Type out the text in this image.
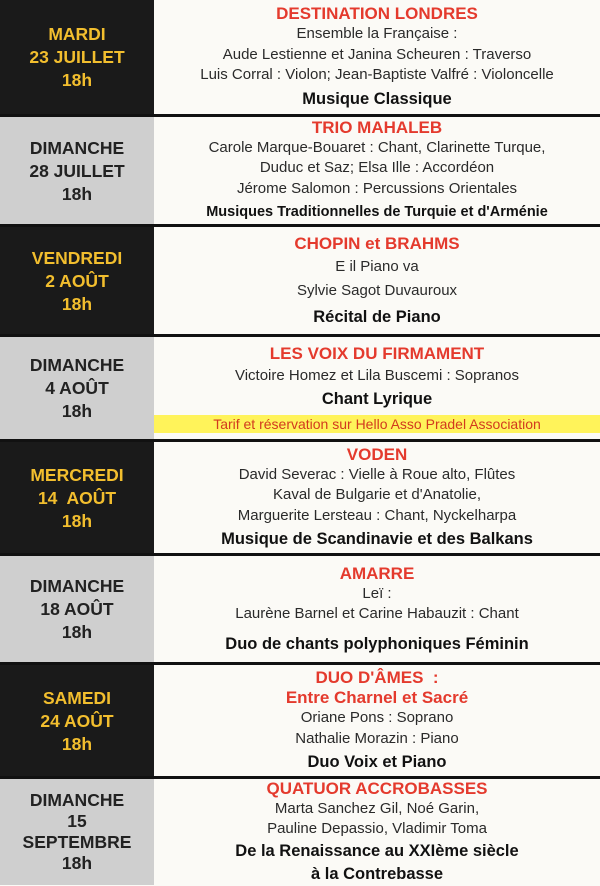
MARDI
23 JUILLET
18h
DESTINATION LONDRES
Ensemble la Française :
Aude Lestienne et Janina Scheuren : Traverso
Luis Corral : Violon; Jean-Baptiste Valfré : Violoncelle
Musique Classique
DIMANCHE
28 JUILLET
18h
TRIO MAHALEB
Carole Marque-Bouaret : Chant, Clarinette Turque,
Duduc et Saz; Elsa Ille : Accordéon
Jérome Salomon : Percussions Orientales
Musiques Traditionnelles de Turquie et d'Arménie
VENDREDI
2 AOÛT
18h
CHOPIN et BRAHMS
E il Piano va
Sylvie Sagot Duvauroux
Récital de Piano
DIMANCHE
4 AOÛT
18h
LES VOIX DU FIRMAMENT
Victoire Homez et Lila Buscemi : Sopranos
Chant Lyrique
Tarif et réservation sur Hello Asso Pradel Association
MERCREDI
14  AOÛT
18h
VODEN
David Severac : Vielle à Roue alto, Flûtes
Kaval de Bulgarie et d'Anatolie,
Marguerite Lersteau : Chant, Nyckelharpa
Musique de Scandinavie et des Balkans
DIMANCHE
18 AOÛT
18h
AMARRE
Leï :
Laurène Barnel et Carine Habauzit : Chant
Duo de chants polyphoniques Féminin
SAMEDI
24 AOÛT
18h
DUO D'ÂMES  :
Entre Charnel et Sacré
Oriane Pons : Soprano
Nathalie Morazin : Piano
Duo Voix et Piano
DIMANCHE
15
SEPTEMBRE
18h
QUATUOR ACCROBASSES
Marta Sanchez Gil, Noé Garin,
Pauline Depassio, Vladimir Toma
De la Renaissance au XXIème siècle
à la Contrebasse
